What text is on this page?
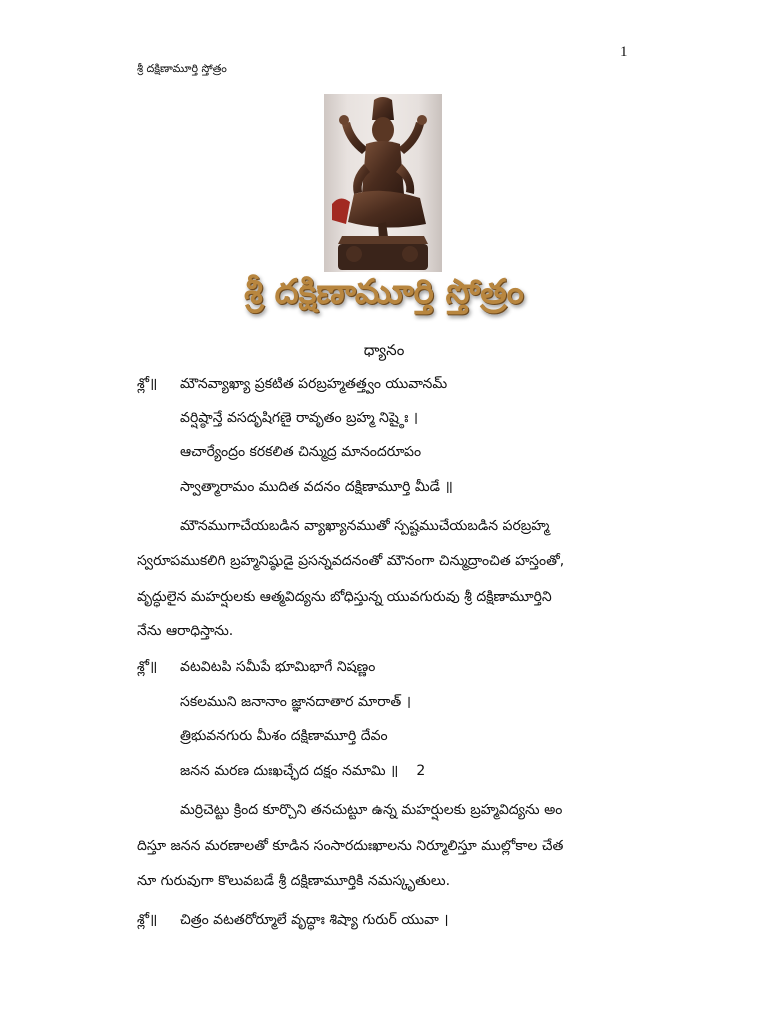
1
శ్రీ దక్షిణామూర్తి స్తోత్రం
శ్రీ దక్షిణామూర్తి స్తోత్రం
ధ్యానం
శ్లో॥ మౌనవ్యాఖ్యా ప్రకటిత పరబ్రహ్మతత్త్వం యువానమ్
వర్షిష్ఠాన్తే వసదృషిగణై రావృతం బ్రహ్మ నిష్ఠైః ।
ఆచార్యేంద్రం కరకలిత చిన్ముద్ర మానందరూపం
స్వాత్మారామం ముదిత వదనం దక్షిణామూర్తి మీడే ॥
మౌనముగాచేయబడిన వ్యాఖ్యానముతో స్పష్టముచేయబడిన పరబ్రహ్మ
స్వరూపముకలిగి బ్రహ్మనిష్ఠుడై ప్రసన్నవదనంతో మౌనంగా చిన్ముద్రాంచిత హస్తంతో,
వృద్ధులైన మహర్షులకు ఆత్మవిద్యను బోధిస్తున్న యువగురువు శ్రీ దక్షిణామూర్తిని
నేను ఆరాధిస్తాను.
శ్లో॥ వటవిటపి సమీపే భూమిభాగే నిషణ్ణం
సకలముని జనానాం జ్ఞానదాతార మారాత్ ।
త్రిభువనగురు మీశం దక్షిణామూర్తి దేవం
జనన మరణ దుఃఖచ్ఛేద దక్షం నమామి ॥ 2
మర్రిచెట్టు క్రింద కూర్చొని తనచుట్టూ ఉన్న మహర్షులకు బ్రహ్మవిద్యను అం
దిస్తూ జనన మరణాలతో కూడిన సంసారదుఃఖాలను నిర్మూలిస్తూ ముల్లోకాల చేత
నూ గురువుగా కొలువబడే శ్రీ దక్షిణామూర్తికి నమస్కృతులు.
శ్లో॥ చిత్రం వటతరోర్మూలే వృద్ధాః శిష్యా గురుర్ యువా ।
